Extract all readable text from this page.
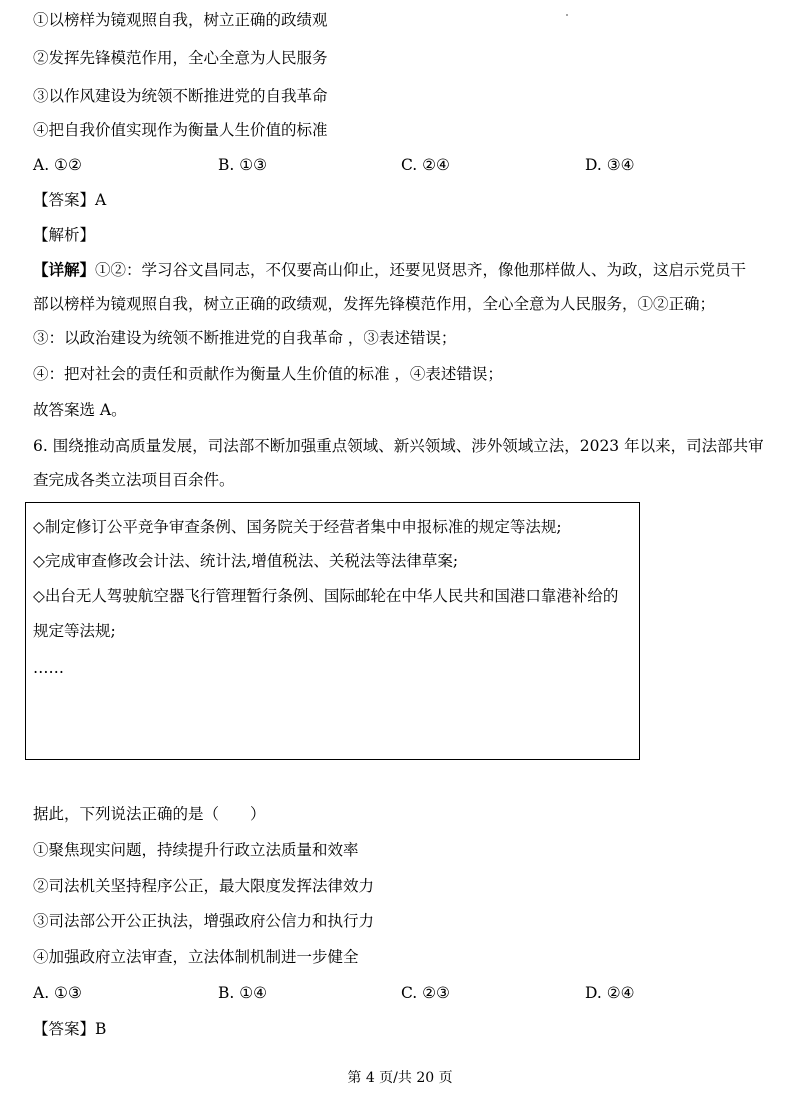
①以榜样为镜观照自我，树立正确的政绩观
②发挥先锋模范作用，全心全意为人民服务
③以作风建设为统领不断推进党的自我革命
④把自我价值实现作为衡量人生价值的标准
A. ①②	B. ①③	C. ②④	D. ③④
【答案】A
【解析】
【详解】①②：学习谷文昌同志，不仅要高山仰止，还要见贤思齐，像他那样做人、为政，这启示党员干
部以榜样为镜观照自我，树立正确的政绩观，发挥先锋模范作用，全心全意为人民服务，①②正确；
③：以政治建设为统领不断推进党的自我革命 ，③表述错误；
④：把对社会的责任和贡献作为衡量人生价值的标准 ，④表述错误；
故答案选 A。
6. 围绕推动高质量发展，司法部不断加强重点领域、新兴领域、涉外领域立法，2023 年以来，司法部共审
查完成各类立法项目百余件。
◇制定修订公平竞争审查条例、国务院关于经营者集中申报标准的规定等法规;
◇完成审查修改会计法、统计法,增值税法、关税法等法律草案;
◇出台无人驾驶航空器飞行管理暂行条例、国际邮轮在中华人民共和国港口靠港补给的
规定等法规;
……
据此，下列说法正确的是（　　）
①聚焦现实问题，持续提升行政立法质量和效率
②司法机关坚持程序公正，最大限度发挥法律效力
③司法部公开公正执法，增强政府公信力和执行力
④加强政府立法审查，立法体制机制进一步健全
A. ①③	B. ①④	C. ②③	D. ②④
【答案】B
第 4 页/共 20 页
